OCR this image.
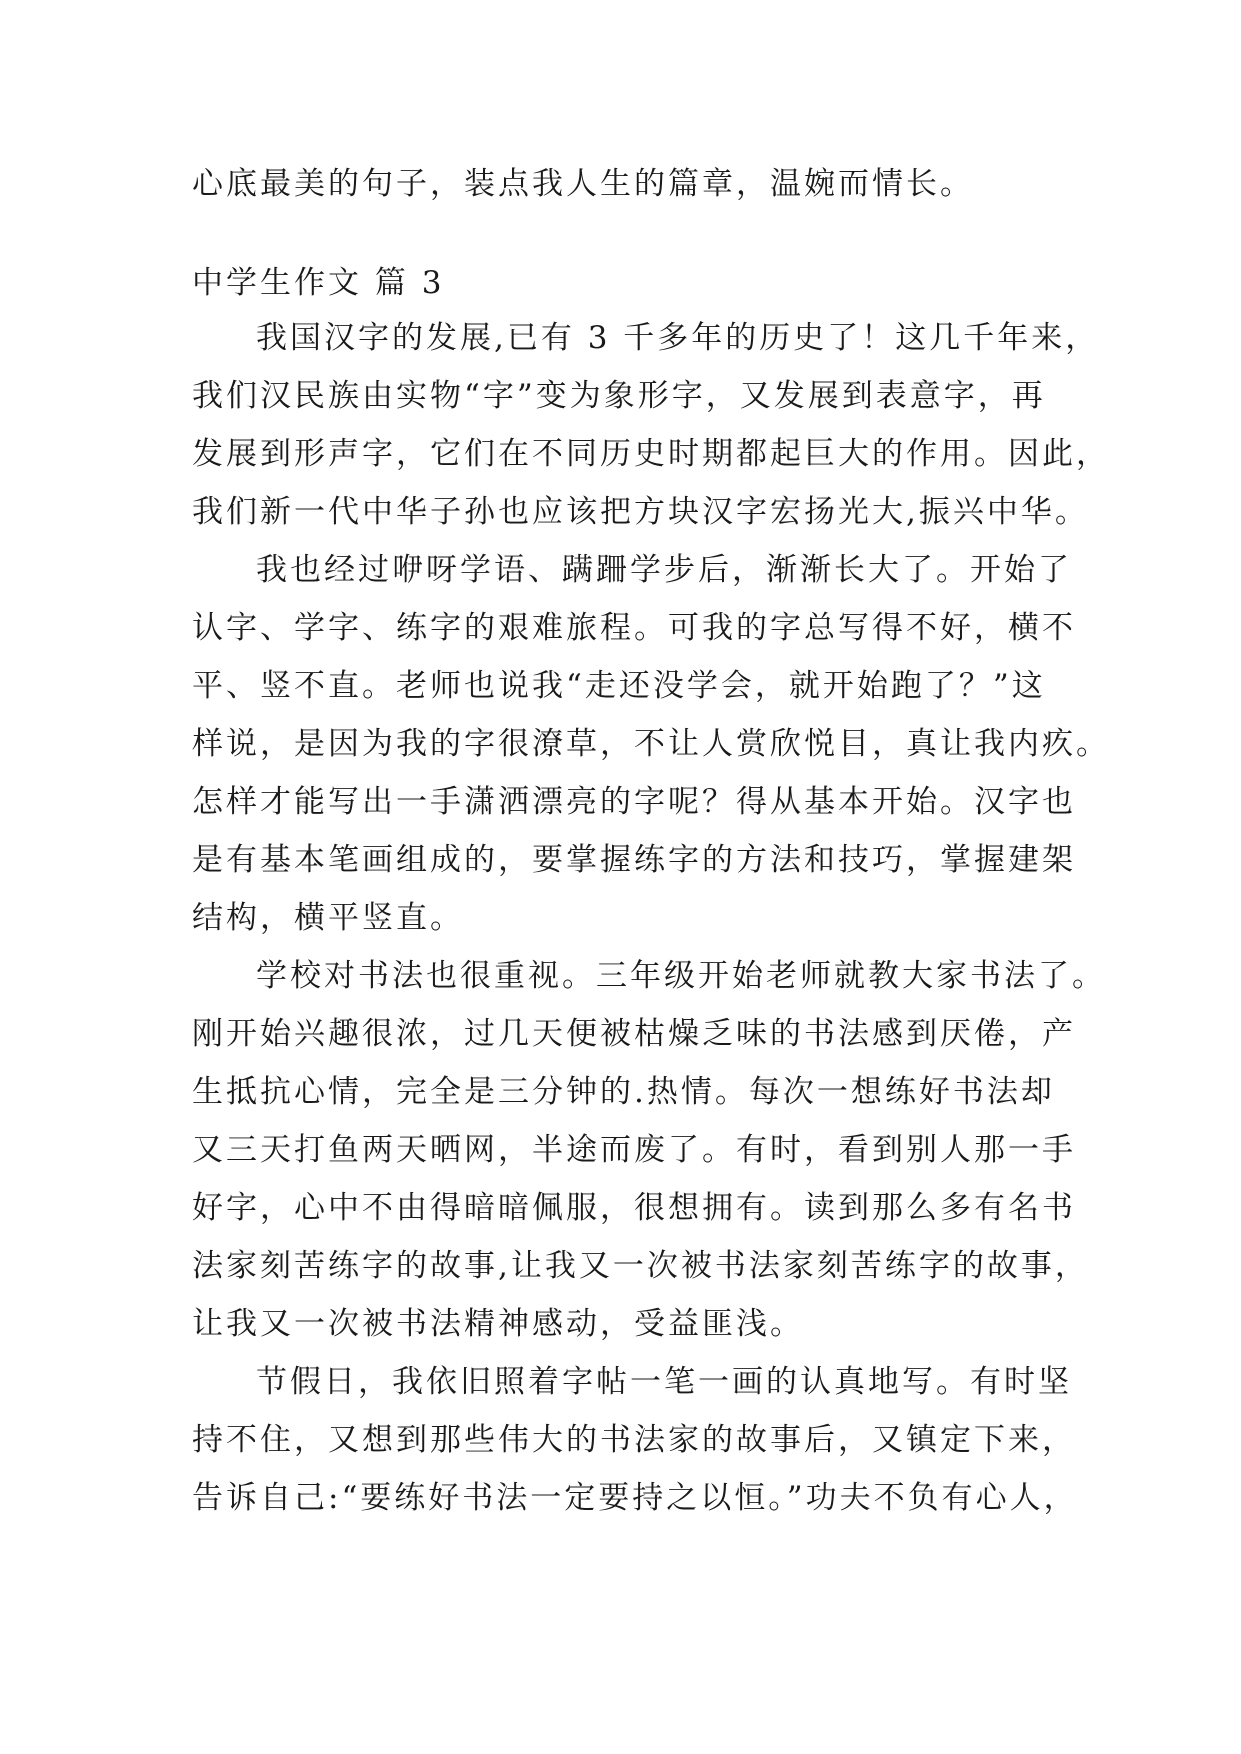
心底最美的句子，装点我人生的篇章，温婉而情长。
中学生作文 篇 3
我国汉字的发展,已有 3 千多年的历史了！这几千年来，
我们汉民族由实物“字”变为象形字，又发展到表意字，再
发展到形声字，它们在不同历史时期都起巨大的作用。因此，
我们新一代中华子孙也应该把方块汉字宏扬光大,振兴中华。
我也经过咿呀学语、蹒跚学步后，渐渐长大了。开始了
认字、学字、练字的艰难旅程。可我的字总写得不好，横不
平、竖不直。老师也说我“走还没学会，就开始跑了？”这
样说，是因为我的字很潦草，不让人赏欣悦目，真让我内疚。
怎样才能写出一手潇洒漂亮的字呢？得从基本开始。汉字也
是有基本笔画组成的，要掌握练字的方法和技巧，掌握建架
结构，横平竖直。
学校对书法也很重视。三年级开始老师就教大家书法了。
刚开始兴趣很浓，过几天便被枯燥乏味的书法感到厌倦，产
生抵抗心情，完全是三分钟的.热情。每次一想练好书法却
又三天打鱼两天晒网，半途而废了。有时，看到别人那一手
好字，心中不由得暗暗佩服，很想拥有。读到那么多有名书
法家刻苦练字的故事,让我又一次被书法家刻苦练字的故事，
让我又一次被书法精神感动，受益匪浅。
节假日，我依旧照着字帖一笔一画的认真地写。有时坚
持不住，又想到那些伟大的书法家的故事后，又镇定下来，
告诉自己:“要练好书法一定要持之以恒。”功夫不负有心人，
